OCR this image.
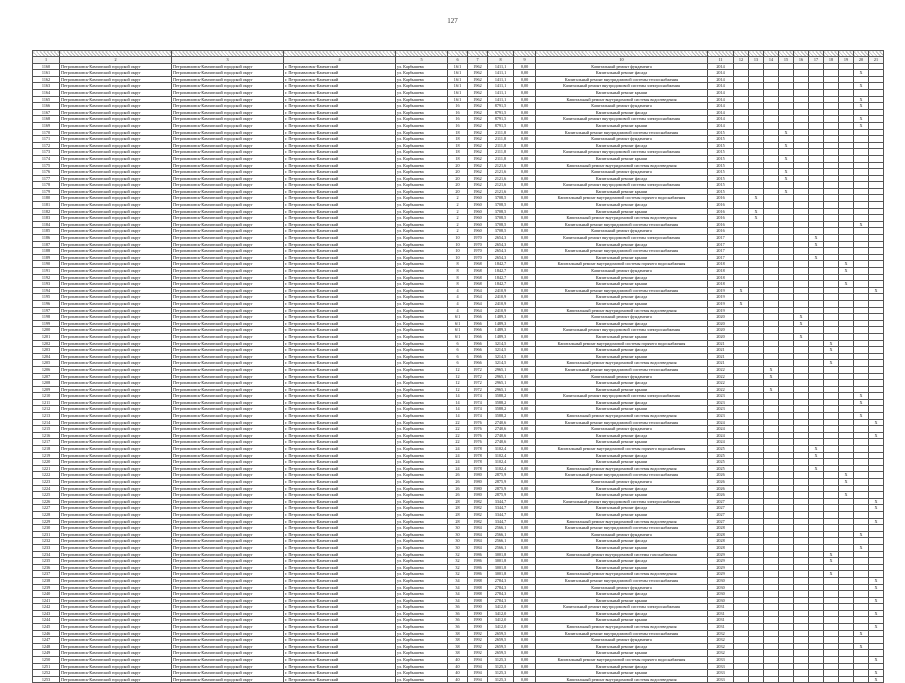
127

1	2	3	4	5	6	7	8	9	10	11	12	13	14	15	16	17	18	19	20	21
1160	Петропавловск-Камчатский городской округ	Петропавловск-Камчатский городской округ	г. Петропавловск-Камчатский	ул. Карбышева	16/1	1962	1411,1	0,00	Капитальный ремонт фундамента	2014										
1161	Петропавловск-Камчатский городской округ	Петропавловск-Камчатский городской округ	г. Петропавловск-Камчатский	ул. Карбышева	16/1	1962	1411,1	0,00	Капитальный ремонт фасада	2014									X	
1162	Петропавловск-Камчатский городской округ	Петропавловск-Камчатский городской округ	г. Петропавловск-Камчатский	ул. Карбышева	16/1	1962	1411,1	0,00	Капитальный ремонт внутридомовой системы теплоснабжения	2014										
1163	Петропавловск-Камчатский городской округ	Петропавловск-Камчатский городской округ	г. Петропавловск-Камчатский	ул. Карбышева	16/1	1962	1411,1	0,00	Капитальный ремонт внутридомовой системы электроснабжения	2014									X	
1164	Петропавловск-Камчатский городской округ	Петропавловск-Камчатский городской округ	г. Петропавловск-Камчатский	ул. Карбышева	16/1	1962	1411,1	0,00	Капитальный ремонт крыши	2014										
1165	Петропавловск-Камчатский городской округ	Петропавловск-Камчатский городской округ	г. Петропавловск-Камчатский	ул. Карбышева	16/1	1962	1411,1	0,00	Капитальный ремонт внутридомовой системы водоотведения	2014									X	
1166	Петропавловск-Камчатский городской округ	Петропавловск-Камчатский городской округ	г. Петропавловск-Камчатский	ул. Карбышева	16	1962	8791,5	0,00	Капитальный ремонт фундамента	2014									X	
1167	Петропавловск-Камчатский городской округ	Петропавловск-Камчатский городской округ	г. Петропавловск-Камчатский	ул. Карбышева	16	1962	8791,5	0,00	Капитальный ремонт фасада	2014										
1168	Петропавловск-Камчатский городской округ	Петропавловск-Камчатский городской округ	г. Петропавловск-Камчатский	ул. Карбышева	16	1962	8791,5	0,00	Капитальный ремонт внутридомовой системы электроснабжения	2014									X	
1169	Петропавловск-Камчатский городской округ	Петропавловск-Камчатский городской округ	г. Петропавловск-Камчатский	ул. Карбышева	16	1962	8791,5	0,00	Капитальный ремонт крыши	2014									X	
1170	Петропавловск-Камчатский городской округ	Петропавловск-Камчатский городской округ	г. Петропавловск-Камчатский	ул. Карбышева	18	1962	2111,8	0,00	Капитальный ремонт внутридомовой системы теплоснабжения	2015				X						
1171	Петропавловск-Камчатский городской округ	Петропавловск-Камчатский городской округ	г. Петропавловск-Камчатский	ул. Карбышева	18	1962	2111,8	0,00	Капитальный ремонт фундамента	2015										
1172	Петропавловск-Камчатский городской округ	Петропавловск-Камчатский городской округ	г. Петропавловск-Камчатский	ул. Карбышева	18	1962	2111,8	0,00	Капитальный ремонт фасада	2015				X						
1173	Петропавловск-Камчатский городской округ	Петропавловск-Камчатский городской округ	г. Петропавловск-Камчатский	ул. Карбышева	18	1962	2111,8	0,00	Капитальный ремонт внутридомовой системы электроснабжения	2015										
1174	Петропавловск-Камчатский городской округ	Петропавловск-Камчатский городской округ	г. Петропавловск-Камчатский	ул. Карбышева	18	1962	2111,8	0,00	Капитальный ремонт крыши	2015				X						
1175	Петропавловск-Камчатский городской округ	Петропавловск-Камчатский городской округ	г. Петропавловск-Камчатский	ул. Карбышева	20	1962	2121,6	0,00	Капитальный ремонт внутридомовой системы водоотведения	2015										
1176	Петропавловск-Камчатский городской округ	Петропавловск-Камчатский городской округ	г. Петропавловск-Камчатский	ул. Карбышева	20	1962	2121,6	0,00	Капитальный ремонт фундамента	2015				X						
1177	Петропавловск-Камчатский городской округ	Петропавловск-Камчатский городской округ	г. Петропавловск-Камчатский	ул. Карбышева	20	1962	2121,6	0,00	Капитальный ремонт фасада	2015				X						
1178	Петропавловск-Камчатский городской округ	Петропавловск-Камчатский городской округ	г. Петропавловск-Камчатский	ул. Карбышева	20	1962	2121,6	0,00	Капитальный ремонт внутридомовой системы электроснабжения	2015										
1179	Петропавловск-Камчатский городской округ	Петропавловск-Камчатский городской округ	г. Петропавловск-Камчатский	ул. Карбышева	20	1962	2121,6	0,00	Капитальный ремонт крыши	2015				X						
1180	Петропавловск-Камчатский городской округ	Петропавловск-Камчатский городской округ	г. Петропавловск-Камчатский	ул. Карбышева	2	1960	3708,5	0,00	Капитальный ремонт внутридомовой системы горячего водоснабжения	2016		X								
1181	Петропавловск-Камчатский городской округ	Петропавловск-Камчатский городской округ	г. Петропавловск-Камчатский	ул. Карбышева	2	1960	3708,5	0,00	Капитальный ремонт фасада	2016										
1182	Петропавловск-Камчатский городской округ	Петропавловск-Камчатский городской округ	г. Петропавловск-Камчатский	ул. Карбышева	2	1960	3708,5	0,00	Капитальный ремонт крыши	2016		X								
1183	Петропавловск-Камчатский городской округ	Петропавловск-Камчатский городской округ	г. Петропавловск-Камчатский	ул. Карбышева	2	1960	3708,5	0,00	Капитальный ремонт внутридомовой системы водоотведения	2016		X								
1184	Петропавловск-Камчатский городской округ	Петропавловск-Камчатский городской округ	г. Петропавловск-Камчатский	ул. Карбышева	2	1960	3708,5	0,00	Капитальный ремонт внутридомовой системы теплоснабжения	2016									X	
1185	Петропавловск-Камчатский городской округ	Петропавловск-Камчатский городской округ	г. Петропавловск-Камчатский	ул. Карбышева	2	1960	3708,5	0,00	Капитальный ремонт фундамента	2016										
1186	Петропавловск-Камчатский городской округ	Петропавловск-Камчатский городской округ	г. Петропавловск-Камчатский	ул. Карбышева	10	1970	2654,3	0,00	Капитальный ремонт внутридомовой системы электроснабжения	2017						X				
1187	Петропавловск-Камчатский городской округ	Петропавловск-Камчатский городской округ	г. Петропавловск-Камчатский	ул. Карбышева	10	1970	2654,3	0,00	Капитальный ремонт фасада	2017						X				
1188	Петропавловск-Камчатский городской округ	Петропавловск-Камчатский городской округ	г. Петропавловск-Камчатский	ул. Карбышева	10	1970	2654,3	0,00	Капитальный ремонт внутридомовой системы теплоснабжения	2017										
1189	Петропавловск-Камчатский городской округ	Петропавловск-Камчатский городской округ	г. Петропавловск-Камчатский	ул. Карбышева	10	1970	2654,3	0,00	Капитальный ремонт крыши	2017						X				
1190	Петропавловск-Камчатский городской округ	Петропавловск-Камчатский городской округ	г. Петропавловск-Камчатский	ул. Карбышева	8	1968	1842,7	0,00	Капитальный ремонт внутридомовой системы горячего водоснабжения	2018								X		
1191	Петропавловск-Камчатский городской округ	Петропавловск-Камчатский городской округ	г. Петропавловск-Камчатский	ул. Карбышева	8	1968	1842,7	0,00	Капитальный ремонт фундамента	2018								X		
1192	Петропавловск-Камчатский городской округ	Петропавловск-Камчатский городской округ	г. Петропавловск-Камчатский	ул. Карбышева	8	1968	1842,7	0,00	Капитальный ремонт фасада	2018										
1193	Петропавловск-Камчатский городской округ	Петропавловск-Камчатский городской округ	г. Петропавловск-Камчатский	ул. Карбышева	8	1968	1842,7	0,00	Капитальный ремонт крыши	2018								X		
1194	Петропавловск-Камчатский городской округ	Петропавловск-Камчатский городской округ	г. Петропавловск-Камчатский	ул. Карбышева	4	1964	2410,9	0,00	Капитальный ремонт внутридомовой системы теплоснабжения	2019	X									X
1195	Петропавловск-Камчатский городской округ	Петропавловск-Камчатский городской округ	г. Петропавловск-Камчатский	ул. Карбышева	4	1964	2410,9	0,00	Капитальный ремонт фасада	2019										
1196	Петропавловск-Камчатский городской округ	Петропавловск-Камчатский городской округ	г. Петропавловск-Камчатский	ул. Карбышева	4	1964	2410,9	0,00	Капитальный ремонт крыши	2019	X									
1197	Петропавловск-Камчатский городской округ	Петропавловск-Камчатский городской округ	г. Петропавловск-Камчатский	ул. Карбышева	4	1964	2410,9	0,00	Капитальный ремонт внутридомовой системы водоотведения	2019										
1198	Петропавловск-Камчатский городской округ	Петропавловск-Камчатский городской округ	г. Петропавловск-Камчатский	ул. Карбышева	6/1	1966	1489,3	0,00	Капитальный ремонт фундамента	2020					X					
1199	Петропавловск-Камчатский городской округ	Петропавловск-Камчатский городской округ	г. Петропавловск-Камчатский	ул. Карбышева	6/1	1966	1489,3	0,00	Капитальный ремонт фасада	2020					X					
1200	Петропавловск-Камчатский городской округ	Петропавловск-Камчатский городской округ	г. Петропавловск-Камчатский	ул. Карбышева	6/1	1966	1489,3	0,00	Капитальный ремонт внутридомовой системы электроснабжения	2020										
1201	Петропавловск-Камчатский городской округ	Петропавловск-Камчатский городской округ	г. Петропавловск-Камчатский	ул. Карбышева	6/1	1966	1489,3	0,00	Капитальный ремонт крыши	2020					X					
1202	Петропавловск-Камчатский городской округ	Петропавловск-Камчатский городской округ	г. Петропавловск-Камчатский	ул. Карбышева	6	1966	3214,5	0,00	Капитальный ремонт внутридомовой системы горячего водоснабжения	2021							X			
1203	Петропавловск-Камчатский городской округ	Петропавловск-Камчатский городской округ	г. Петропавловск-Камчатский	ул. Карбышева	6	1966	3214,5	0,00	Капитальный ремонт фасада	2021							X			
1204	Петропавловск-Камчатский городской округ	Петропавловск-Камчатский городской округ	г. Петропавловск-Камчатский	ул. Карбышева	6	1966	3214,5	0,00	Капитальный ремонт крыши	2021										
1205	Петропавловск-Камчатский городской округ	Петропавловск-Камчатский городской округ	г. Петропавловск-Камчатский	ул. Карбышева	6	1966	3214,5	0,00	Капитальный ремонт внутридомовой системы водоотведения	2021							X			
1206	Петропавловск-Камчатский городской округ	Петропавловск-Камчатский городской округ	г. Петропавловск-Камчатский	ул. Карбышева	12	1972	2965,1	0,00	Капитальный ремонт внутридомовой системы теплоснабжения	2022			X							
1207	Петропавловск-Камчатский городской округ	Петропавловск-Камчатский городской округ	г. Петропавловск-Камчатский	ул. Карбышева	12	1972	2965,1	0,00	Капитальный ремонт фундамента	2022			X							
1208	Петропавловск-Камчатский городской округ	Петропавловск-Камчатский городской округ	г. Петропавловск-Камчатский	ул. Карбышева	12	1972	2965,1	0,00	Капитальный ремонт фасада	2022										
1209	Петропавловск-Камчатский городской округ	Петропавловск-Камчатский городской округ	г. Петропавловск-Камчатский	ул. Карбышева	12	1972	2965,1	0,00	Капитальный ремонт крыши	2022			X							
1210	Петропавловск-Камчатский городской округ	Петропавловск-Камчатский городской округ	г. Петропавловск-Камчатский	ул. Карбышева	14	1974	3588,2	0,00	Капитальный ремонт внутридомовой системы электроснабжения	2023									X	
1211	Петропавловск-Камчатский городской округ	Петропавловск-Камчатский городской округ	г. Петропавловск-Камчатский	ул. Карбышева	14	1974	3588,2	0,00	Капитальный ремонт фасада	2023									X	
1212	Петропавловск-Камчатский городской округ	Петропавловск-Камчатский городской округ	г. Петропавловск-Камчатский	ул. Карбышева	14	1974	3588,2	0,00	Капитальный ремонт крыши	2023										
1213	Петропавловск-Камчатский городской округ	Петропавловск-Камчатский городской округ	г. Петропавловск-Камчатский	ул. Карбышева	14	1974	3588,2	0,00	Капитальный ремонт внутридомовой системы водоотведения	2023									X	
1214	Петропавловск-Камчатский городской округ	Петропавловск-Камчатский городской округ	г. Петропавловск-Камчатский	ул. Карбышева	22	1976	2740,6	0,00	Капитальный ремонт внутридомовой системы теплоснабжения	2024										X
1215	Петропавловск-Камчатский городской округ	Петропавловск-Камчатский городской округ	г. Петропавловск-Камчатский	ул. Карбышева	22	1976	2740,6	0,00	Капитальный ремонт фундамента	2024										
1216	Петропавловск-Камчатский городской округ	Петропавловск-Камчатский городской округ	г. Петропавловск-Камчатский	ул. Карбышева	22	1976	2740,6	0,00	Капитальный ремонт фасада	2024										X
1217	Петропавловск-Камчатский городской округ	Петропавловск-Камчатский городской округ	г. Петропавловск-Камчатский	ул. Карбышева	22	1976	2740,6	0,00	Капитальный ремонт крыши	2024										
1218	Петропавловск-Камчатский городской округ	Петропавловск-Камчатский городской округ	г. Петропавловск-Камчатский	ул. Карбышева	24	1978	3102,4	0,00	Капитальный ремонт внутридомовой системы горячего водоснабжения	2025						X				
1219	Петропавловск-Камчатский городской округ	Петропавловск-Камчатский городской округ	г. Петропавловск-Камчатский	ул. Карбышева	24	1978	3102,4	0,00	Капитальный ремонт фасада	2025						X				
1220	Петропавловск-Камчатский городской округ	Петропавловск-Камчатский городской округ	г. Петропавловск-Камчатский	ул. Карбышева	24	1978	3102,4	0,00	Капитальный ремонт крыши	2025										
1221	Петропавловск-Камчатский городской округ	Петропавловск-Камчатский городской округ	г. Петропавловск-Камчатский	ул. Карбышева	24	1978	3102,4	0,00	Капитальный ремонт внутридомовой системы водоотведения	2025						X				
1222	Петропавловск-Камчатский городской округ	Петропавловск-Камчатский городской округ	г. Петропавловск-Камчатский	ул. Карбышева	26	1980	2875,9	0,00	Капитальный ремонт внутридомовой системы теплоснабжения	2026								X		
1223	Петропавловск-Камчатский городской округ	Петропавловск-Камчатский городской округ	г. Петропавловск-Камчатский	ул. Карбышева	26	1980	2875,9	0,00	Капитальный ремонт фундамента	2026								X		
1224	Петропавловск-Камчатский городской округ	Петропавловск-Камчатский городской округ	г. Петропавловск-Камчатский	ул. Карбышева	26	1980	2875,9	0,00	Капитальный ремонт фасада	2026										
1225	Петропавловск-Камчатский городской округ	Петропавловск-Камчатский городской округ	г. Петропавловск-Камчатский	ул. Карбышева	26	1980	2875,9	0,00	Капитальный ремонт крыши	2026								X		
1226	Петропавловск-Камчатский городской округ	Петропавловск-Камчатский городской округ	г. Петропавловск-Камчатский	ул. Карбышева	28	1982	3344,7	0,00	Капитальный ремонт внутридомовой системы электроснабжения	2027										X
1227	Петропавловск-Камчатский городской округ	Петропавловск-Камчатский городской округ	г. Петропавловск-Камчатский	ул. Карбышева	28	1982	3344,7	0,00	Капитальный ремонт фасада	2027										X
1228	Петропавловск-Камчатский городской округ	Петропавловск-Камчатский городской округ	г. Петропавловск-Камчатский	ул. Карбышева	28	1982	3344,7	0,00	Капитальный ремонт крыши	2027										
1229	Петропавловск-Камчатский городской округ	Петропавловск-Камчатский городской округ	г. Петропавловск-Камчатский	ул. Карбышева	28	1982	3344,7	0,00	Капитальный ремонт внутридомовой системы водоотведения	2027										X
1230	Петропавловск-Камчатский городской округ	Петропавловск-Камчатский городской округ	г. Петропавловск-Камчатский	ул. Карбышева	30	1984	2566,1	0,00	Капитальный ремонт внутридомовой системы теплоснабжения	2028										
1231	Петропавловск-Камчатский городской округ	Петропавловск-Камчатский городской округ	г. Петропавловск-Камчатский	ул. Карбышева	30	1984	2566,1	0,00	Капитальный ремонт фундамента	2028									X	
1232	Петропавловск-Камчатский городской округ	Петропавловск-Камчатский городской округ	г. Петропавловск-Камчатский	ул. Карбышева	30	1984	2566,1	0,00	Капитальный ремонт фасада	2028										
1233	Петропавловск-Камчатский городской округ	Петропавловск-Камчатский городской округ	г. Петропавловск-Камчатский	ул. Карбышева	30	1984	2566,1	0,00	Капитальный ремонт крыши	2028									X	
1234	Петропавловск-Камчатский городской округ	Петропавловск-Камчатский городской округ	г. Петропавловск-Камчатский	ул. Карбышева	32	1986	3001,8	0,00	Капитальный ремонт внутридомовой системы газоснабжения	2029							X			
1235	Петропавловск-Камчатский городской округ	Петропавловск-Камчатский городской округ	г. Петропавловск-Камчатский	ул. Карбышева	32	1986	3001,8	0,00	Капитальный ремонт фасада	2029							X			
1236	Петропавловск-Камчатский городской округ	Петропавловск-Камчатский городской округ	г. Петропавловск-Камчатский	ул. Карбышева	32	1986	3001,8	0,00	Капитальный ремонт крыши	2029										
1237	Петропавловск-Камчатский городской округ	Петропавловск-Камчатский городской округ	г. Петропавловск-Камчатский	ул. Карбышева	32	1986	3001,8	0,00	Капитальный ремонт внутридомовой системы водоотведения	2029							X			
1238	Петропавловск-Камчатский городской округ	Петропавловск-Камчатский городской округ	г. Петропавловск-Камчатский	ул. Карбышева	34	1988	2784,3	0,00	Капитальный ремонт внутридомовой системы теплоснабжения	2030										X
1239	Петропавловск-Камчатский городской округ	Петропавловск-Камчатский городской округ	г. Петропавловск-Камчатский	ул. Карбышева	34	1988	2784,3	0,00	Капитальный ремонт фундамента	2030										X
1240	Петропавловск-Камчатский городской округ	Петропавловск-Камчатский городской округ	г. Петропавловск-Камчатский	ул. Карбышева	34	1988	2784,3	0,00	Капитальный ремонт фасада	2030										
1241	Петропавловск-Камчатский городской округ	Петропавловск-Камчатский городской округ	г. Петропавловск-Камчатский	ул. Карбышева	34	1988	2784,3	0,00	Капитальный ремонт крыши	2030										X
1242	Петропавловск-Камчатский городской округ	Петропавловск-Камчатский городской округ	г. Петропавловск-Камчатский	ул. Карбышева	36	1990	3412,0	0,00	Капитальный ремонт внутридомовой системы электроснабжения	2031										
1243	Петропавловск-Камчатский городской округ	Петропавловск-Камчатский городской округ	г. Петропавловск-Камчатский	ул. Карбышева	36	1990	3412,0	0,00	Капитальный ремонт фасада	2031										X
1244	Петропавловск-Камчатский городской округ	Петропавловск-Камчатский городской округ	г. Петропавловск-Камчатский	ул. Карбышева	36	1990	3412,0	0,00	Капитальный ремонт крыши	2031										
1245	Петропавловск-Камчатский городской округ	Петропавловск-Камчатский городской округ	г. Петропавловск-Камчатский	ул. Карбышева	36	1990	3412,0	0,00	Капитальный ремонт внутридомовой системы водоотведения	2031										X
1246	Петропавловск-Камчатский городской округ	Петропавловск-Камчатский городской округ	г. Петропавловск-Камчатский	ул. Карбышева	38	1992	2659,5	0,00	Капитальный ремонт внутридомовой системы теплоснабжения	2032									X	
1247	Петропавловск-Камчатский городской округ	Петропавловск-Камчатский городской округ	г. Петропавловск-Камчатский	ул. Карбышева	38	1992	2659,5	0,00	Капитальный ремонт фундамента	2032										
1248	Петропавловск-Камчатский городской округ	Петропавловск-Камчатский городской округ	г. Петропавловск-Камчатский	ул. Карбышева	38	1992	2659,5	0,00	Капитальный ремонт фасада	2032									X	
1249	Петропавловск-Камчатский городской округ	Петропавловск-Камчатский городской округ	г. Петропавловск-Камчатский	ул. Карбышева	38	1992	2659,5	0,00	Капитальный ремонт крыши	2032										
1250	Петропавловск-Камчатский городской округ	Петропавловск-Камчатский городской округ	г. Петропавловск-Камчатский	ул. Карбышева	40	1994	3125,3	0,00	Капитальный ремонт внутридомовой системы горячего водоснабжения	2033										X
1251	Петропавловск-Камчатский городской округ	Петропавловск-Камчатский городской округ	г. Петропавловск-Камчатский	ул. Карбышева	40	1994	3125,3	0,00	Капитальный ремонт фасада	2033										
1252	Петропавловск-Камчатский городской округ	Петропавловск-Камчатский городской округ	г. Петропавловск-Камчатский	ул. Карбышева	40	1994	3125,3	0,00	Капитальный ремонт крыши	2033										X
1253	Петропавловск-Камчатский городской округ	Петропавловск-Камчатский городской округ	г. Петропавловск-Камчатский	ул. Карбышева	40	1994	3125,3	0,00	Капитальный ремонт внутридомовой системы водоотведения	2033										X
